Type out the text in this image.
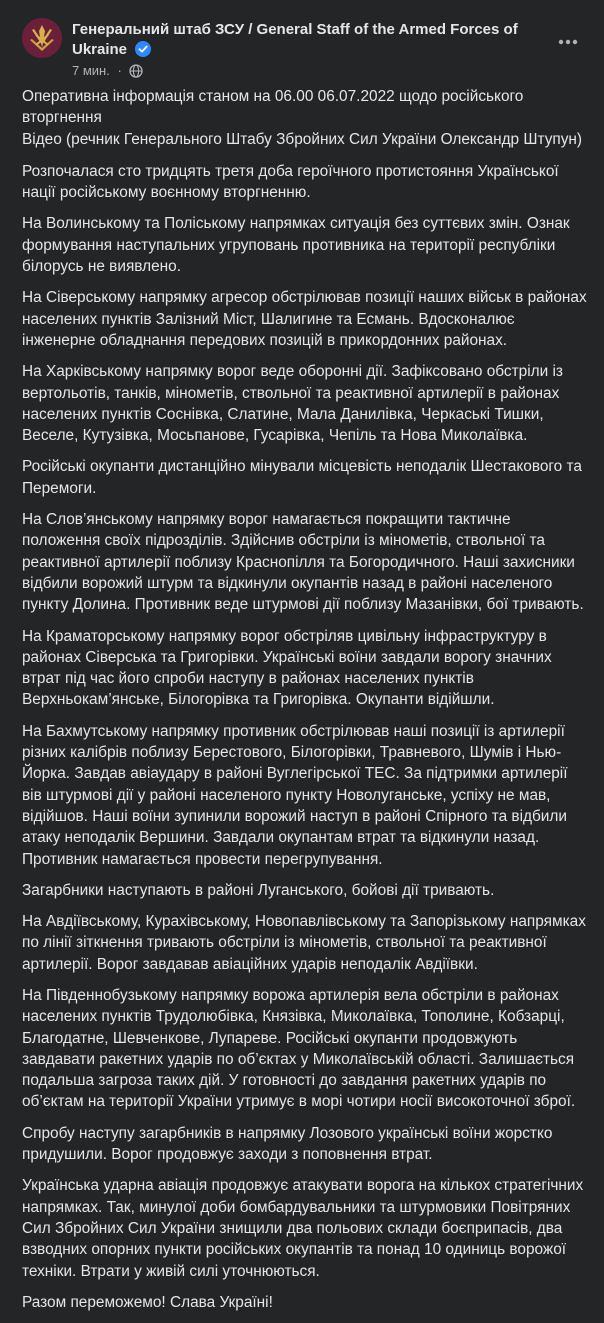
Генеральний штаб ЗСУ / General Staff of the Armed Forces of Ukraine
7 мин. ·

Оперативна інформація станом на 06.00 06.07.2022 щодо російського вторгнення
Відео (речник Генерального Штабу Збройних Сил України Олександр Штупун)

Розпочалася сто тридцять третя доба героїчного протистояння Української нації російському воєнному вторгненню.

На Волинському та Поліському напрямках ситуація без суттєвих змін. Ознак формування наступальних угруповань противника на території республіки білорусь не виявлено.

На Сіверському напрямку агресор обстрілював позиції наших військ в районах населених пунктів Залізний Міст, Шалигине та Есмань. Вдосконалює інженерне обладнання передових позицій в прикордонних районах.

На Харківському напрямку ворог веде оборонні дії. Зафіксовано обстріли із вертольотів, танків, мінометів, ствольної та реактивної артилерії в районах населених пунктів Соснівка, Слатине, Мала Данилівка, Черкаські Тишки, Веселе, Кутузівка, Мосьпанове, Гусарівка, Чепіль та Нова Миколаївка.

Російські окупанти дистанційно мінували місцевість неподалік Шестакового та Перемоги.

На Слов’янському напрямку ворог намагається покращити тактичне положення своїх підрозділів. Здійснив обстріли із мінометів, ствольної та реактивної артилерії поблизу Краснопілля та Богородичного. Наші захисники відбили ворожий штурм та відкинули окупантів назад в районі населеного пункту Долина. Противник веде штурмові дії поблизу Мазанівки, бої тривають.

На Краматорському напрямку ворог обстріляв цивільну інфраструктуру в районах Сіверська та Григорівки. Українські воїни завдали ворогу значних втрат під час його спроби наступу в районах населених пунктів Верхньокам’янське, Білогорівка та Григорівка. Окупанти відійшли.

На Бахмутському напрямку противник обстрілював наші позиції із артилерії різних калібрів поблизу Берестового, Білогорівки, Травневого, Шумів і Нью-Йорка. Завдав авіаудару в районі Вуглегірської ТЕС. За підтримки артилерії вів штурмові дії у районі населеного пункту Новолуганське, успіху не мав, відійшов. Наші воїни зупинили ворожий наступ в районі Спірного та відбили атаку неподалік Вершини. Завдали окупантам втрат та відкинули назад. Противник намагається провести перегрупування.

Загарбники наступають в районі Луганського, бойові дії тривають.

На Авдіївському, Курахівському, Новопавлівському та Запорізькому напрямках по лінії зіткнення тривають обстріли із мінометів, ствольної та реактивної артилерії. Ворог завдавав авіаційних ударів неподалік Авдіївки.

На Південнобузькому напрямку ворожа артилерія вела обстріли в районах населених пунктів Трудолюбівка, Князівка, Миколаївка, Тополине, Кобзарці, Благодатне, Шевченкове, Лупареве. Російські окупанти продовжують завдавати ракетних ударів по об’єктах у Миколаївській області. Залишається подальша загроза таких дій. У готовності до завдання ракетних ударів по об’єктам на території України утримує в морі чотири носії високоточної зброї.

Спробу наступу загарбників в напрямку Лозового українські воїни жорстко придушили. Ворог продовжує заходи з поповнення втрат.

Українська ударна авіація продовжує атакувати ворога на кількох стратегічних напрямках. Так, минулої доби бомбардувальники та штурмовики Повітряних Сил Збройних Сил України знищили два польових склади боєприпасів, два взводних опорних пункти російських окупантів та понад 10 одиниць ворожої техніки. Втрати у живій силі уточнюються.

Разом переможемо! Слава Україні!
